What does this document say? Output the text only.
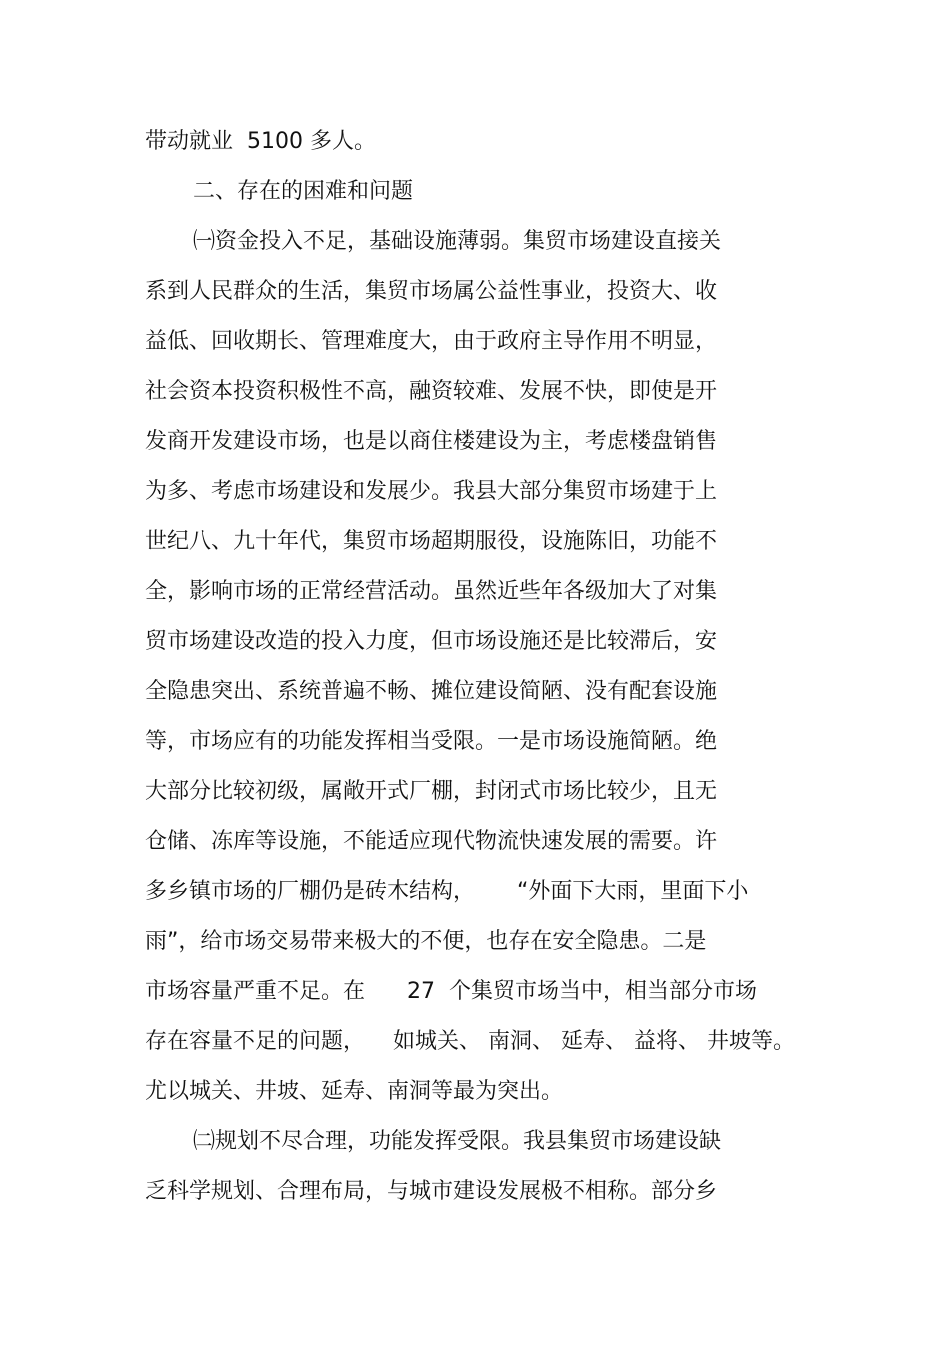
带动就业  5100 多人。
二、存在的困难和问题
㈠资金投入不足，基础设施薄弱。集贸市场建设直接关
系到人民群众的生活，集贸市场属公益性事业，投资大、收
益低、回收期长、管理难度大，由于政府主导作用不明显，
社会资本投资积极性不高，融资较难、发展不快，即使是开
发商开发建设市场，也是以商住楼建设为主，考虑楼盘销售
为多、考虑市场建设和发展少。我县大部分集贸市场建于上
世纪八、九十年代，集贸市场超期服役，设施陈旧，功能不
全，影响市场的正常经营活动。虽然近些年各级加大了对集
贸市场建设改造的投入力度，但市场设施还是比较滞后，安
全隐患突出、系统普遍不畅、摊位建设简陋、没有配套设施
等，市场应有的功能发挥相当受限。一是市场设施简陋。绝
大部分比较初级，属敞开式厂棚，封闭式市场比较少，且无
仓储、冻库等设施，不能适应现代物流快速发展的需要。许
多乡镇市场的厂棚仍是砖木结构，      “外面下大雨，里面下小
雨”，给市场交易带来极大的不便，也存在安全隐患。二是
市场容量严重不足。在      27  个集贸市场当中，相当部分市场
存在容量不足的问题，    如城关、 南洞、 延寿、 益将、 井坡等。
尤以城关、井坡、延寿、南洞等最为突出。
㈡规划不尽合理，功能发挥受限。我县集贸市场建设缺
乏科学规划、合理布局，与城市建设发展极不相称。部分乡
